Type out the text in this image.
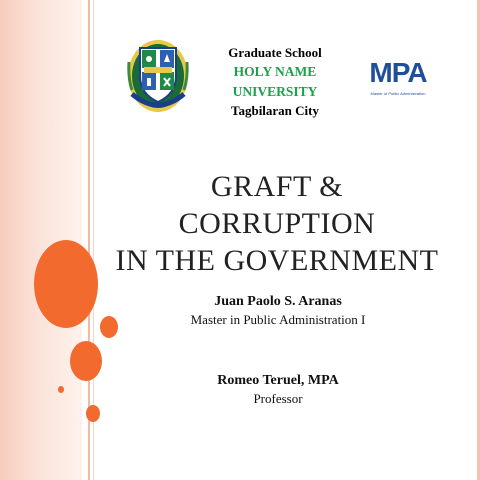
Graduate School
HOLY NAME UNIVERSITY
Tagbilaran City
MPA
Master of Public Administration
GRAFT & CORRUPTION
IN THE GOVERNMENT
Juan Paolo S. Aranas
Master in Public Administration I
Romeo Teruel, MPA
Professor
